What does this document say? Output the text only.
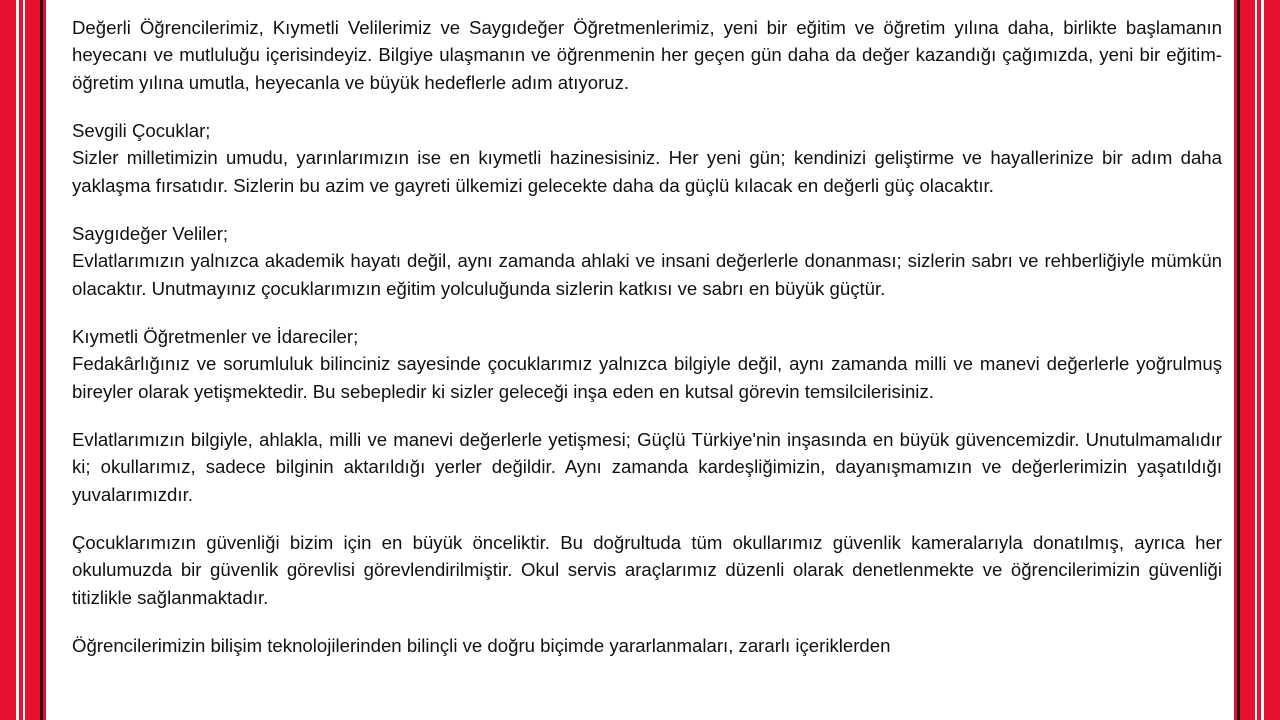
Değerli Öğrencilerimiz, Kıymetli Velilerimiz ve Saygıdeğer Öğretmenlerimiz, yeni bir eğitim ve öğretim yılına daha, birlikte başlamanın heyecanı ve mutluluğu içerisindeyiz. Bilgiye ulaşmanın ve öğrenmenin her geçen gün daha da değer kazandığı çağımızda, yeni bir eğitim-öğretim yılına umutla, heyecanla ve büyük hedeflerle adım atıyoruz.

Sevgili Çocuklar;
Sizler milletimizin umudu, yarınlarımızın ise en kıymetli hazinesisiniz. Her yeni gün; kendinizi geliştirme ve hayallerinize bir adım daha yaklaşma fırsatıdır. Sizlerin bu azim ve gayreti ülkemizi gelecekte daha da güçlü kılacak en değerli güç olacaktır.

Saygıdeğer Veliler;
Evlatlarımızın yalnızca akademik hayatı değil, aynı zamanda ahlaki ve insani değerlerle donanması; sizlerin sabrı ve rehberliğiyle mümkün olacaktır. Unutmayınız çocuklarımızın eğitim yolculuğunda sizlerin katkısı ve sabrı en büyük güçtür.

Kıymetli Öğretmenler ve İdareciler;
Fedakârlığınız ve sorumluluk bilinciniz sayesinde çocuklarımız yalnızca bilgiyle değil, aynı zamanda milli ve manevi değerlerle yoğrulmuş bireyler olarak yetişmektedir. Bu sebepledir ki sizler geleceği inşa eden en kutsal görevin temsilcilerisiniz.

Evlatlarımızın bilgiyle, ahlakla, milli ve manevi değerlerle yetişmesi; Güçlü Türkiye'nin inşasında en büyük güvencemizdir. Unutulmamalıdır ki; okullarımız, sadece bilginin aktarıldığı yerler değildir. Aynı zamanda kardeşliğimizin, dayanışmamızın ve değerlerimizin yaşatıldığı yuvalarımızdır.

Çocuklarımızın güvenliği bizim için en büyük önceliktir. Bu doğrultuda tüm okullarımız güvenlik kameralarıyla donatılmış, ayrıca her okulumuzda bir güvenlik görevlisi görevlendirilmiştir. Okul servis araçlarımız düzenli olarak denetlenmekte ve öğrencilerimizin güvenliği titizlikle sağlanmaktadır.

Öğrencilerimizin bilişim teknolojilerinden bilinçli ve doğru biçimde yararlanmaları, zararlı içeriklerden
